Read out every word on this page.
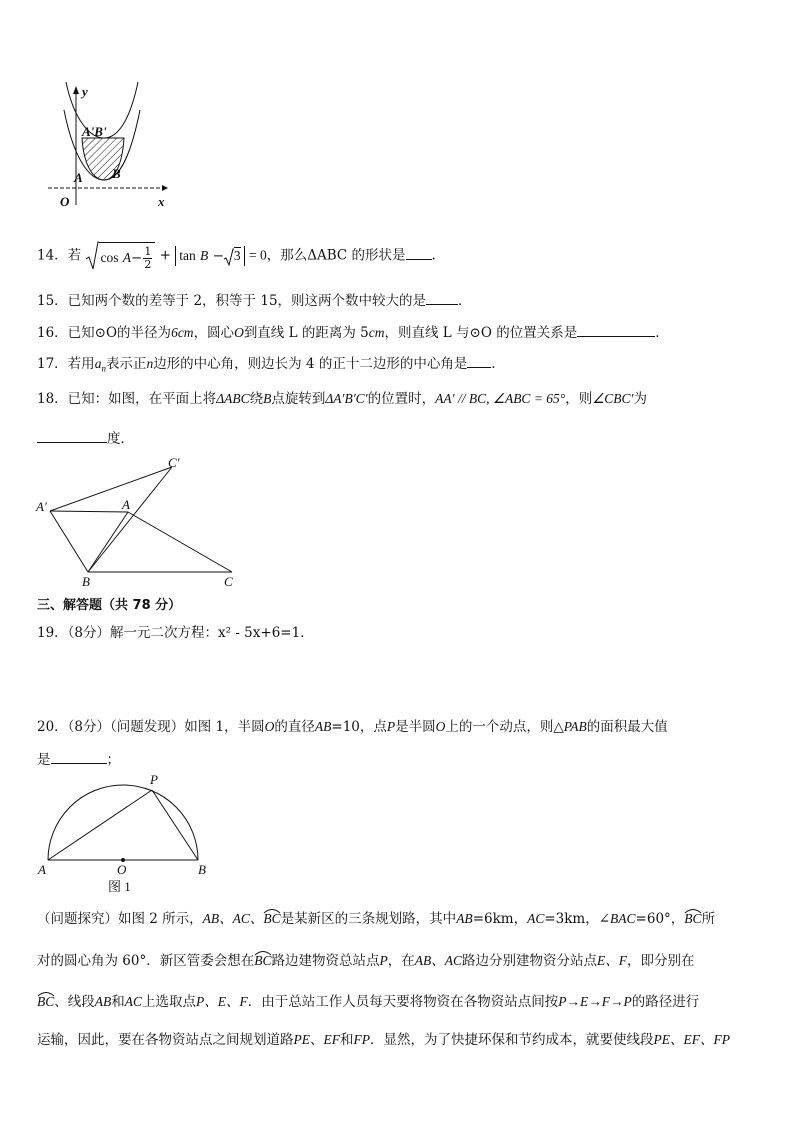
y
A'B'
A B
O	x
14．若 $\cos A- \frac{1}{2} + \tan B - 3 = 0$，那么ΔABC 的形状是 .
15．已知两个数的差等于 2，积等于 15，则这两个数中较大的是 ．
16．已知⊙O的半径为6cm，圆心O到直线 L 的距离为 5cm，则直线 L 与⊙O 的位置关系是	．
17．若用$a_n$表示正n边形的中心角，则边长为 4 的正十二边形的中心角是 ．
18．已知：如图，在平面上将ΔABC绕B点旋转到ΔA′B′C′的位置时，AA′ // BC, ∠ABC = 65°，则∠CBC′为
度．
C′
A′	A
B	C
三、解答题（共 78 分）
19．（8分）解一元二次方程：x² - 5x+6=1．
20．（8分）（问题发现）如图 1，半圆O的直径AB=10，点P是半圆O上的一个动点，则△PAB的面积最大值
是	；
P
A	O	B
图 1
（问题探究）如图 2 所示，AB、AC、
BC是某新区的三条规划路，其中AB=6km，AC=3km，∠BAC=60°，
BC所
对的圆心角为 60°．新区管委会想在
BC路边建物资总站点P，在AB、AC路边分别建物资分站点E、F，即分别在
BC、线段AB和AC上选取点P、E、F．由于总站工作人员每天要将物资在各物资站点间按P→E→F→P的路径进行
运输，因此，要在各物资站点之间规划道路PE、EF和FP．显然，为了快捷环保和节约成本，就要使线段PE、EF、FP
